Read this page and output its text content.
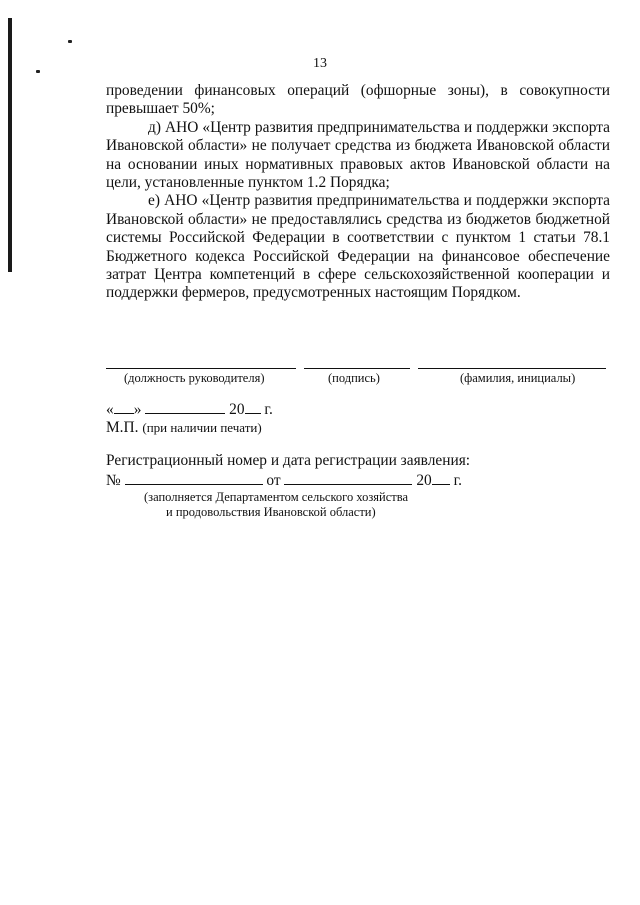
13

проведении финансовых операций (офшорные зоны), в совокупности превышает 50%;

д) АНО «Центр развития предпринимательства и поддержки экспорта Ивановской области» не получает средства из бюджета Ивановской области на основании иных нормативных правовых актов Ивановской области на цели, установленные пунктом 1.2 Порядка;

е) АНО «Центр развития предпринимательства и поддержки экспорта Ивановской области» не предоставлялись средства из бюджетов бюджетной системы Российской Федерации в соответствии с пунктом 1 статьи 78.1 Бюджетного кодекса Российской Федерации на финансовое обеспечение затрат Центра компетенций в сфере сельскохозяйственной кооперации и поддержки фермеров, предусмотренных настоящим Порядком.

(должность руководителя)	(подпись)	(фамилия, инициалы)
« »	20 г.
М.П. (при наличии печати)
Регистрационный номер и дата регистрации заявления:
№	от	20 г.
(заполняется Департаментом сельского хозяйства
и продовольствия Ивановской области)
